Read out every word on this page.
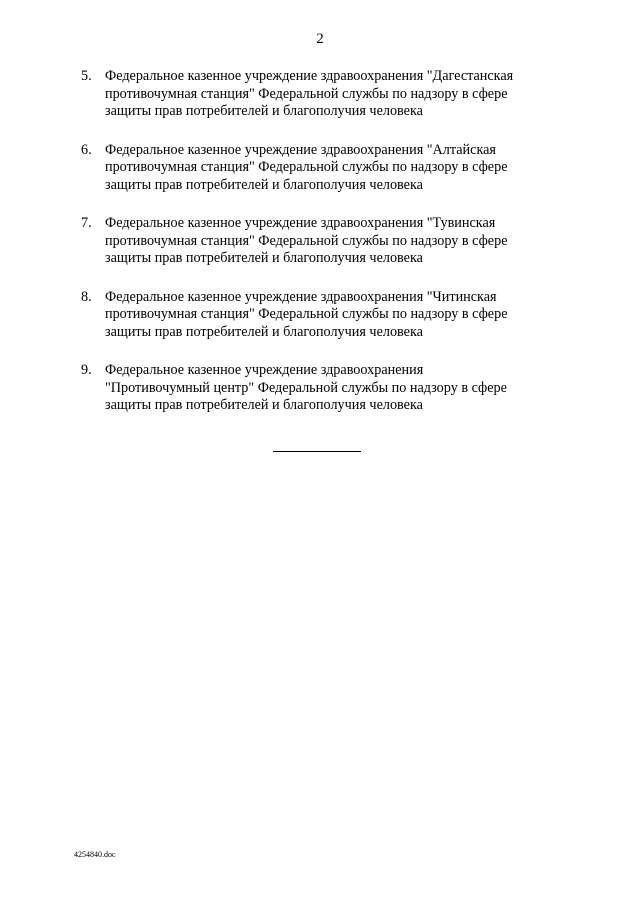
2
5. Федеральное казенное учреждение здравоохранения "Дагестанская
противочумная станция" Федеральной службы по надзору в сфере
защиты прав потребителей и благополучия человека
6. Федеральное казенное учреждение здравоохранения "Алтайская
противочумная станция" Федеральной службы по надзору в сфере
защиты прав потребителей и благополучия человека
7. Федеральное казенное учреждение здравоохранения "Тувинская
противочумная станция" Федеральной службы по надзору в сфере
защиты прав потребителей и благополучия человека
8. Федеральное казенное учреждение здравоохранения "Читинская
противочумная станция" Федеральной службы по надзору в сфере
защиты прав потребителей и благополучия человека
9. Федеральное казенное учреждение здравоохранения
"Противочумный центр" Федеральной службы по надзору в сфере
защиты прав потребителей и благополучия человека
4254840.doc
